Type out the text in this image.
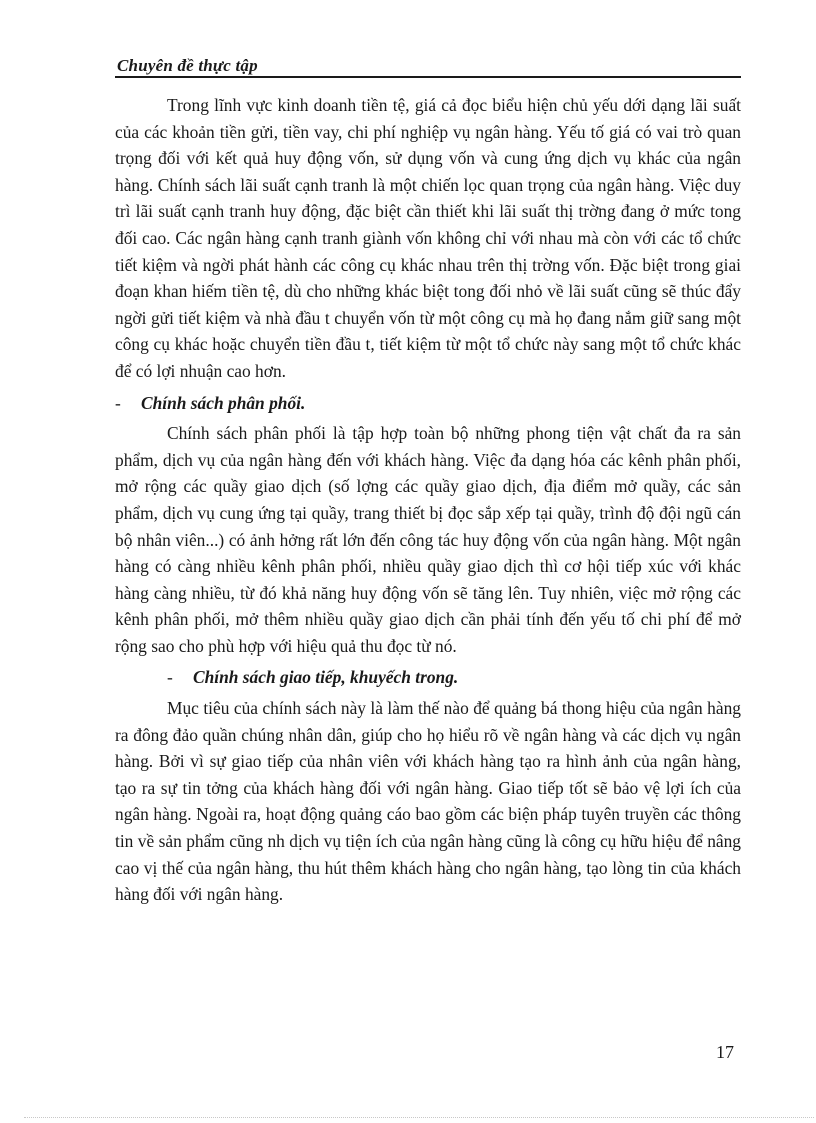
Chuyên đề thực tập

Trong lĩnh vực kinh doanh tiền tệ, giá cả đọc biểu hiện chủ yếu dới dạng lãi suất của các khoản tiền gửi, tiền vay, chi phí nghiệp vụ ngân hàng. Yếu tố giá có vai trò quan trọng đối với kết quả huy động vốn, sử dụng vốn và cung ứng dịch vụ khác của ngân hàng. Chính sách lãi suất cạnh tranh là một chiến lọc quan trọng của ngân hàng. Việc duy trì lãi suất cạnh tranh huy động, đặc biệt cần thiết khi lãi suất thị trờng đang ở mức tong đối cao. Các ngân hàng cạnh tranh giành vốn không chỉ với nhau mà còn với các tổ chức tiết kiệm và ngời phát hành các công cụ khác nhau trên thị trờng vốn. Đặc biệt trong giai đoạn khan hiếm tiền tệ, dù cho những khác biệt tong đối nhỏ về lãi suất cũng sẽ thúc đẩy ngời gửi tiết kiệm và nhà đầu t chuyển vốn từ một công cụ mà họ đang nắm giữ sang một công cụ khác hoặc chuyển tiền đầu t, tiết kiệm từ một tổ chức này sang một tổ chức khác để có lợi nhuận cao hơn.

-	Chính sách phân phối.

Chính sách phân phối là tập hợp toàn bộ những phong tiện vật chất đa ra sản phẩm, dịch vụ của ngân hàng đến với khách hàng. Việc đa dạng hóa các kênh phân phối, mở rộng các quầy giao dịch (số lợng các quầy giao dịch, địa điểm mở quầy, các sản phẩm, dịch vụ cung ứng tại quầy, trang thiết bị đọc sắp xếp tại quầy, trình độ đội ngũ cán bộ nhân viên...) có ảnh hởng rất lớn đến công tác huy động vốn của ngân hàng. Một ngân hàng có càng nhiều kênh phân phối, nhiều quầy giao dịch thì cơ hội tiếp xúc với khác hàng càng nhiều, từ đó khả năng huy động vốn sẽ tăng lên. Tuy nhiên, việc mở rộng các kênh phân phối, mở thêm nhiều quầy giao dịch cần phải tính đến yếu tố chi phí để mở rộng sao cho phù hợp với hiệu quả thu đọc từ nó.

-	Chính sách giao tiếp, khuyếch trong.

Mục tiêu của chính sách này là làm thế nào để quảng bá thong hiệu của ngân hàng ra đông đảo quần chúng nhân dân, giúp cho họ hiểu rõ về ngân hàng và các dịch vụ ngân hàng. Bởi vì sự giao tiếp của nhân viên với khách hàng tạo ra hình ảnh của ngân hàng, tạo ra sự tin tởng của khách hàng đối với ngân hàng. Giao tiếp tốt sẽ bảo vệ lợi ích của ngân hàng. Ngoài ra, hoạt động quảng cáo bao gồm các biện pháp tuyên truyền các thông tin về sản phẩm cũng nh dịch vụ tiện ích của ngân hàng cũng là công cụ hữu hiệu để nâng cao vị thế của ngân hàng, thu hút thêm khách hàng cho ngân hàng, tạo lòng tin của khách hàng đối với ngân hàng.

17
